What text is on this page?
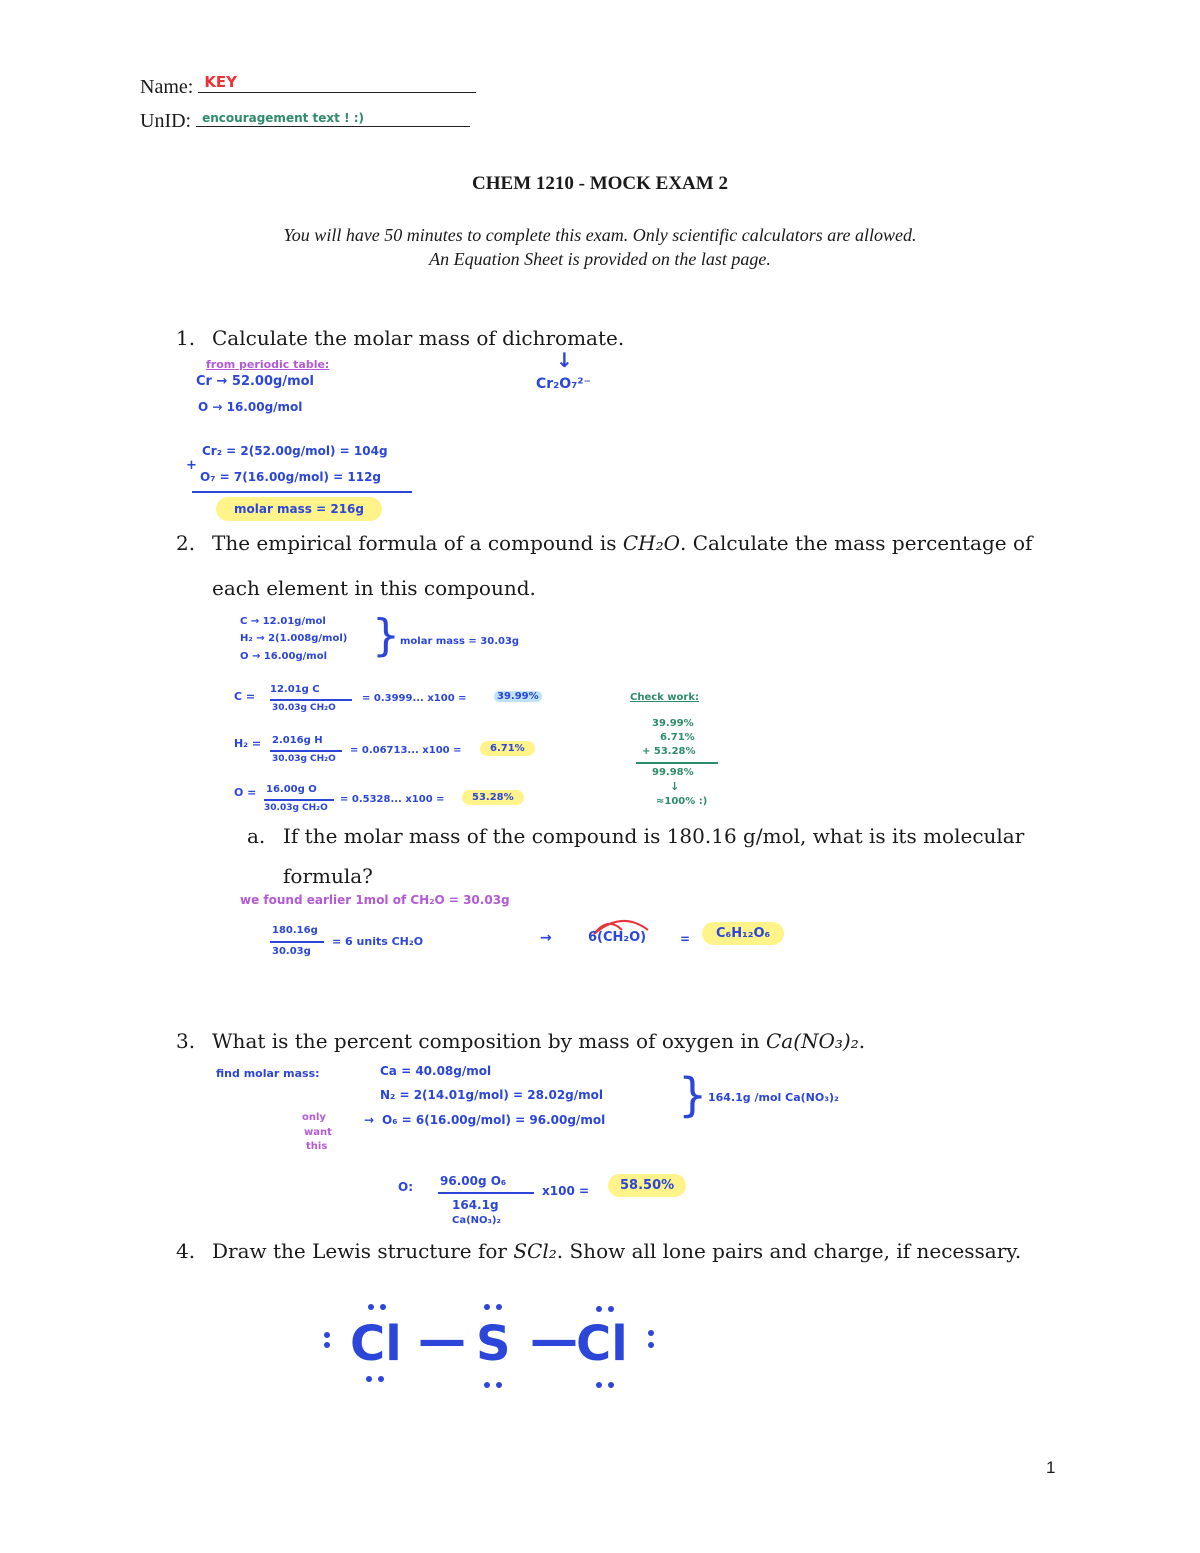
Name: KEY
UnID: encouragement text ! :)
CHEM 1210 - MOCK EXAM 2
You will have 50 minutes to complete this exam. Only scientific calculators are allowed.
An Equation Sheet is provided on the last page.
1. Calculate the molar mass of dichromate.
from periodic table:
Cr → 52.00g/mol
O → 16.00g/mol
↓
Cr₂O₇²⁻
+
Cr₂ = 2(52.00g/mol) = 104g
O₇ = 7(16.00g/mol) = 112g
molar mass = 216g
2. The empirical formula of a compound is CH₂O. Calculate the mass percentage of
each element in this compound.
C → 12.01g/mol
H₂ → 2(1.008g/mol)
O → 16.00g/mol } molar mass = 30.03g
C =
12.01g C
30.03g CH₂O
= 0.3999... x100 =	39.99%
H₂ = 2.016g H
30.03g CH₂O
= 0.06713... x100 =	6.71%
O = 16.00g O
30.03g CH₂O
= 0.5328... x100 =	53.28%
Check work:
39.99%
6.71%
+ 53.28%
99.98%
↓
≈100% :)
a. If the molar mass of the compound is 180.16 g/mol, what is its molecular
formula?
we found earlier 1mol of CH₂O = 30.03g
180.16g
30.03g
= 6 units CH₂O	→	6(CH₂O)	=	C₆H₁₂O₆
3. What is the percent composition by mass of oxygen in Ca(NO₃)₂.
find molar mass:	Ca = 40.08g/mol
N₂ = 2(14.01g/mol) = 28.02g/mol
→ O₆ = 6(16.00g/mol) = 96.00g/mol } 164.1g /mol Ca(NO₃)₂
only
want
this
O: 96.00g O₆
164.1g
Ca(NO₃)₂
x100 =	58.50%
4. Draw the Lewis structure for SCl₂. Show all lone pairs and charge, if necessary.
Cl — S —
Cl
1
